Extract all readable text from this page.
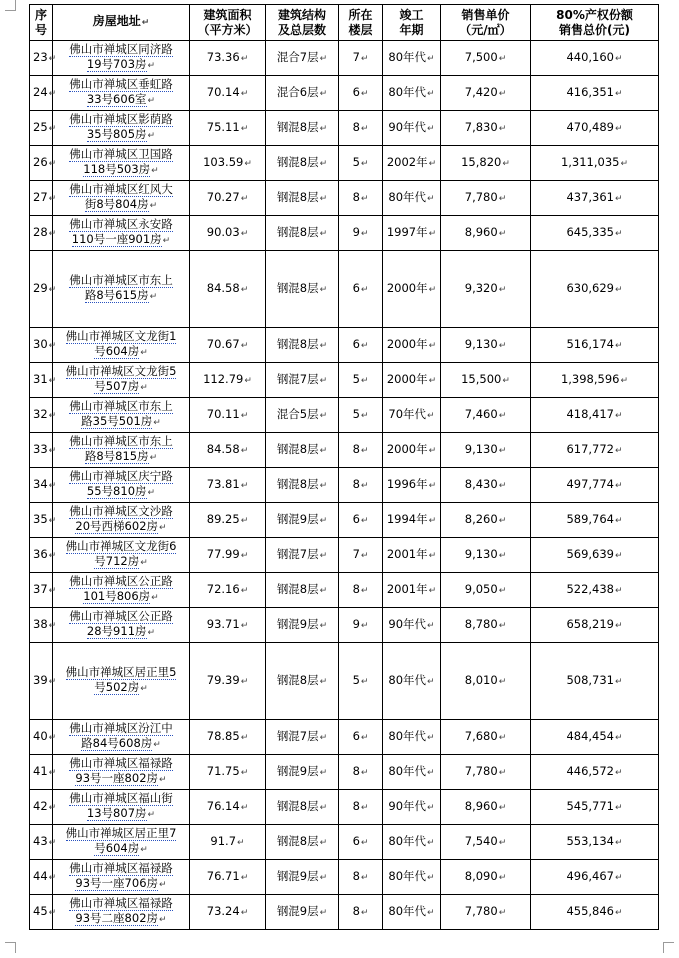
序
号	房屋地址↵	建筑面积
（平方米）	建筑结构
及总层数	所在
楼层	竣工
年期	销售单价
（元/㎡）	80%产权份额
销售总价(元)
23↵	佛山市禅城区同济路
19号703房↵	73.36↵	混合7层↵	7↵	80年代↵	7,500↵	440,160↵
24↵	佛山市禅城区垂虹路
33号606室↵	70.14↵	混合6层↵	6↵	80年代↵	7,420↵	416,351↵
25↵	佛山市禅城区影荫路
35号805房↵	75.11↵	钢混8层↵	8↵	90年代↵	7,830↵	470,489↵
26↵	佛山市禅城区卫国路
118号503房↵	103.59↵	钢混8层↵	5↵	2002年↵	15,820↵	1,311,035↵
27↵	佛山市禅城区红风大
街8号804房↵	70.27↵	钢混8层↵	8↵	80年代↵	7,780↵	437,361↵
28↵	佛山市禅城区永安路
110号一座901房↵	90.03↵	钢混8层↵	9↵	1997年↵	8,960↵	645,335↵
29↵	佛山市禅城区市东上
路8号615房↵	84.58↵	钢混8层↵	6↵	2000年↵	9,320↵	630,629↵
30↵	佛山市禅城区文龙街1
号604房↵	70.67↵	钢混8层↵	6↵	2000年↵	9,130↵	516,174↵
31↵	佛山市禅城区文龙街5
号507房↵	112.79↵	钢混7层↵	5↵	2000年↵	15,500↵	1,398,596↵
32↵	佛山市禅城区市东上
路35号501房↵	70.11↵	混合5层↵	5↵	70年代↵	7,460↵	418,417↵
33↵	佛山市禅城区市东上
路8号815房↵	84.58↵	钢混8层↵	8↵	2000年↵	9,130↵	617,772↵
34↵	佛山市禅城区庆宁路
55号810房↵	73.81↵	钢混8层↵	8↵	1996年↵	8,430↵	497,774↵
35↵	佛山市禅城区文沙路
20号西梯602房↵	89.25↵	钢混9层↵	6↵	1994年↵	8,260↵	589,764↵
36↵	佛山市禅城区文龙街6
号712房↵	77.99↵	钢混7层↵	7↵	2001年↵	9,130↵	569,639↵
37↵	佛山市禅城区公正路
101号806房↵	72.16↵	钢混8层↵	8↵	2001年↵	9,050↵	522,438↵
38↵	佛山市禅城区公正路
28号911房↵	93.71↵	钢混9层↵	9↵	90年代↵	8,780↵	658,219↵
39↵	佛山市禅城区居正里5
号502房↵	79.39↵	钢混8层↵	5↵	80年代↵	8,010↵	508,731↵
40↵	佛山市禅城区汾江中
路84号608房↵	78.85↵	钢混7层↵	6↵	80年代↵	7,680↵	484,454↵
41↵	佛山市禅城区福禄路
93号一座802房↵	71.75↵	钢混9层↵	8↵	80年代↵	7,780↵	446,572↵
42↵	佛山市禅城区福山街
13号807房↵	76.14↵	钢混8层↵	8↵	90年代↵	8,960↵	545,771↵
43↵	佛山市禅城区居正里7
号604房↵	91.7↵	钢混8层↵	6↵	80年代↵	7,540↵	553,134↵
44↵	佛山市禅城区福禄路
93号一座706房↵	76.71↵	钢混9层↵	8↵	80年代↵	8,090↵	496,467↵
45↵	佛山市禅城区福禄路
93号二座802房↵	73.24↵	钢混9层↵	8↵	80年代↵	7,780↵	455,846↵
